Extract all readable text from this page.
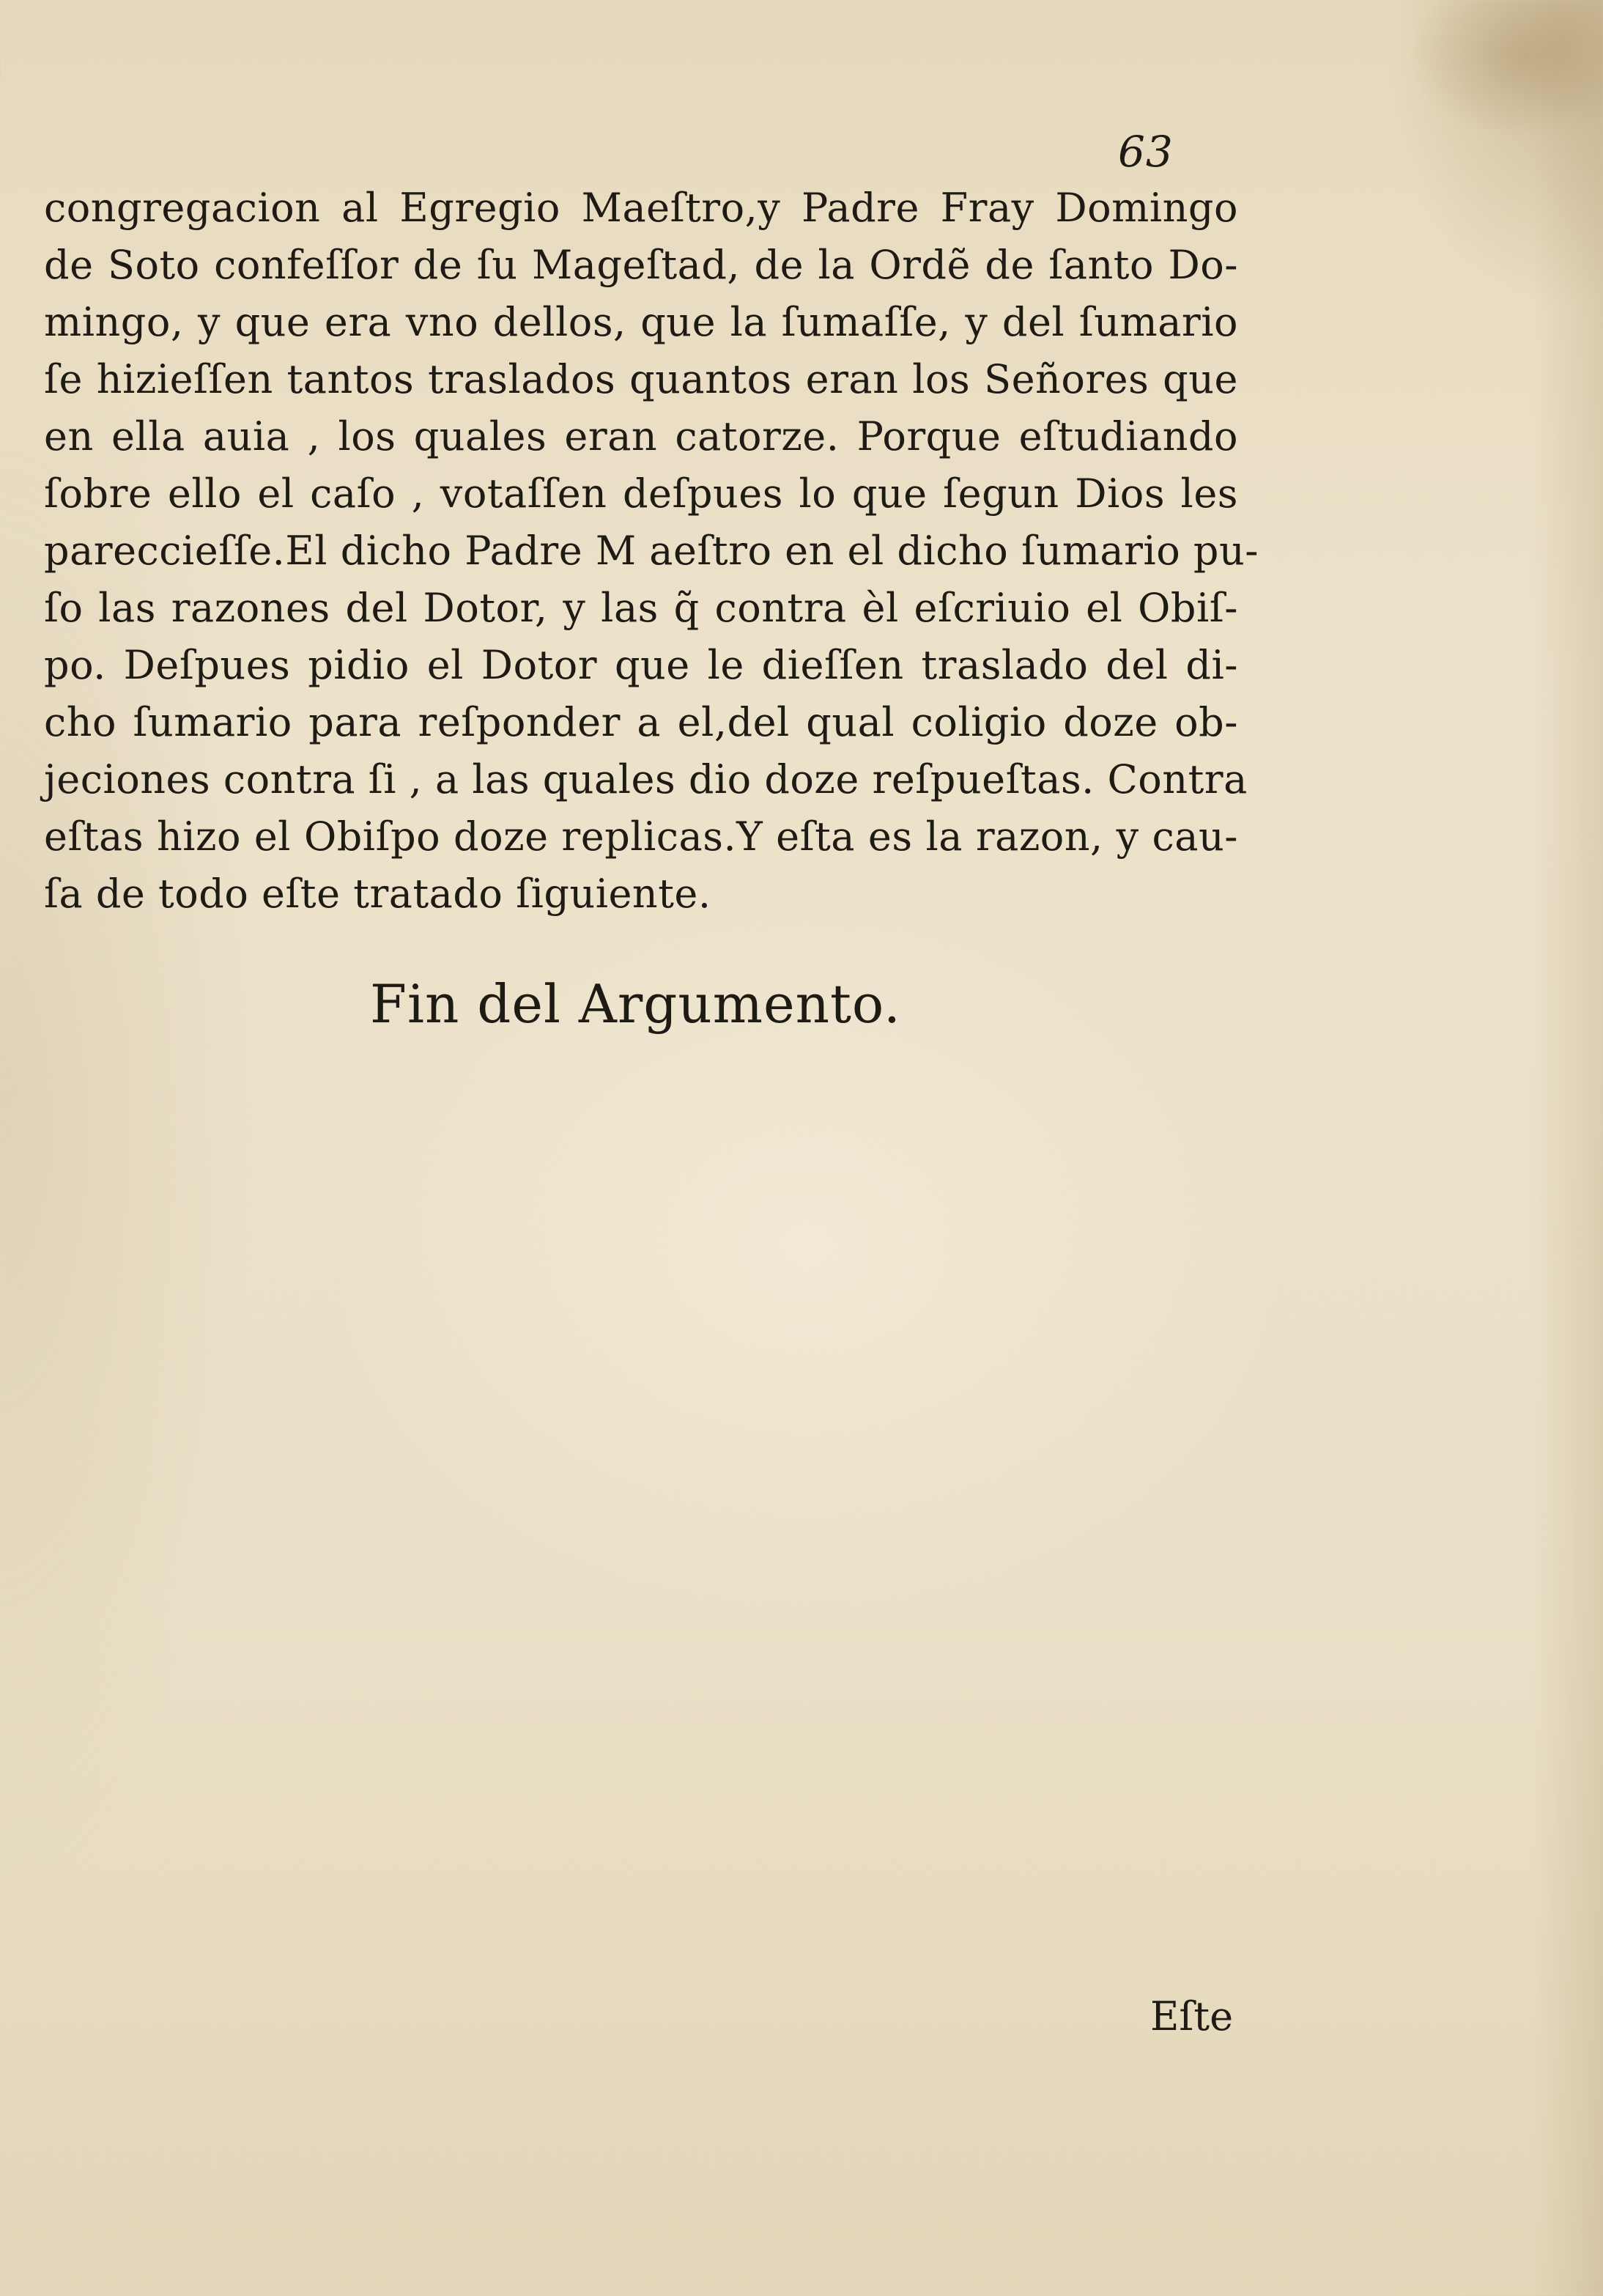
63
congregacion al Egregio Maeſtro,y Padre Fray Domingo
de Soto confeſſor de ſu Mageſtad, de la Ordẽ de ſanto Do-
mingo, y que era vno dellos, que la ſumaſſe, y del ſumario
ſe hizieſſen tantos traslados quantos eran los Señores que
en ella auia , los quales eran catorze. Porque eſtudiando
ſobre ello el caſo , votaſſen deſpues lo que ſegun Dios les
pareccieſſe.El dicho Padre M aeſtro en el dicho ſumario pu-
ſo las razones del Dotor, y las q̃ contra èl eſcriuio el Obiſ-
po. Deſpues pidio el Dotor que le dieſſen traslado del di-
cho ſumario para reſponder a el,del qual coligio doze ob-
jeciones contra ſi , a las quales dio doze reſpueſtas. Contra
eſtas hizo el Obiſpo doze replicas.Y eſta es la razon, y cau-
ſa de todo eſte tratado ſiguiente.
Fin del Argumento.
Eſte
